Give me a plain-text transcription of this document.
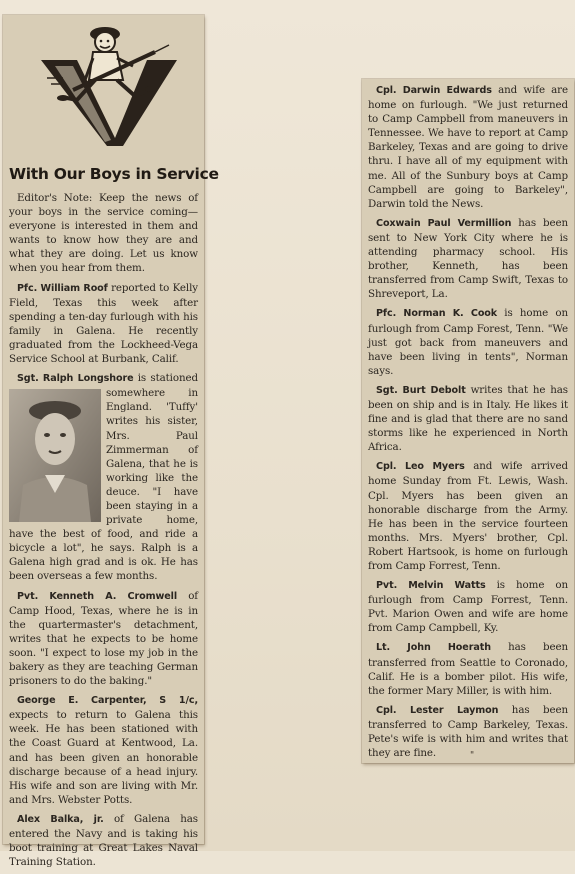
With Our Boys in Service

Editor's Note: Keep the news of your boys in the service coming—everyone is interested in them and wants to know how they are and what they are doing. Let us know when you hear from them.

Pfc. William Roof reported to Kelly Field, Texas this week after spending a ten-day furlough with his family in Galena. He recently graduated from the Lockheed-Vega Service School at Burbank, Calif.

Sgt. Ralph Longshore
is stationed somewhere in England. 'Tuffy' writes his sister, Mrs. Paul Zimmerman of Galena, that he is working like the deuce. "I have been staying in a private home, have the best of food, and ride a bicycle a lot", he says. Ralph is a Galena high grad and is ok. He has been overseas a few months.

Pvt. Kenneth A. Cromwell of Camp Hood, Texas, where he is in the quartermaster's detachment, writes that he expects to be home soon. "I expect to lose my job in the bakery as they are teaching German prisoners to do the baking."

George E. Carpenter, S 1/c, expects to return to Galena this week. He has been stationed with the Coast Guard at Kentwood, La. and has been given an honorable discharge because of a head injury. His wife and son are living with Mr. and Mrs. Webster Potts.

Alex Balka, jr. of Galena has entered the Navy and is taking his boot training at Great Lakes Naval Training Station.

Cpl. Darwin Edwards and wife are home on furlough. "We just returned to Camp Campbell from maneuvers in Tennessee. We have to report at Camp Barkeley, Texas and are going to drive thru. I have all of my equipment with me. All of the Sunbury boys at Camp Campbell are going to Barkeley", Darwin told the News.

Coxwain Paul Vermillion has been sent to New York City where he is attending pharmacy school. His brother, Kenneth, has been transferred from Camp Swift, Texas to Shreveport, La.

Pfc. Norman K. Cook is home on furlough from Camp Forest, Tenn. "We just got back from maneuvers and have been living in tents", Norman says.

Sgt. Burt Debolt writes that he has been on ship and is in Italy. He likes it fine and is glad that there are no sand storms like he experienced in North Africa.

Cpl. Leo Myers and wife arrived home Sunday from Ft. Lewis, Wash. Cpl. Myers has been given an honorable discharge from the Army. He has been in the service fourteen months. Mrs. Myers' brother, Cpl. Robert Hartsook, is home on furlough from Camp Forrest, Tenn.

Pvt. Melvin Watts is home on furlough from Camp Forrest, Tenn. Pvt. Marion Owen and wife are home from Camp Campbell, Ky.

Lt. John Hoerath has been transferred from Seattle to Coronado, Calif. He is a bomber pilot. His wife, the former Mary Miller, is with him.

Cpl. Lester Laymon has been transferred to Camp Barkeley, Texas. Pete's wife is with him and writes that they are fine.	"
